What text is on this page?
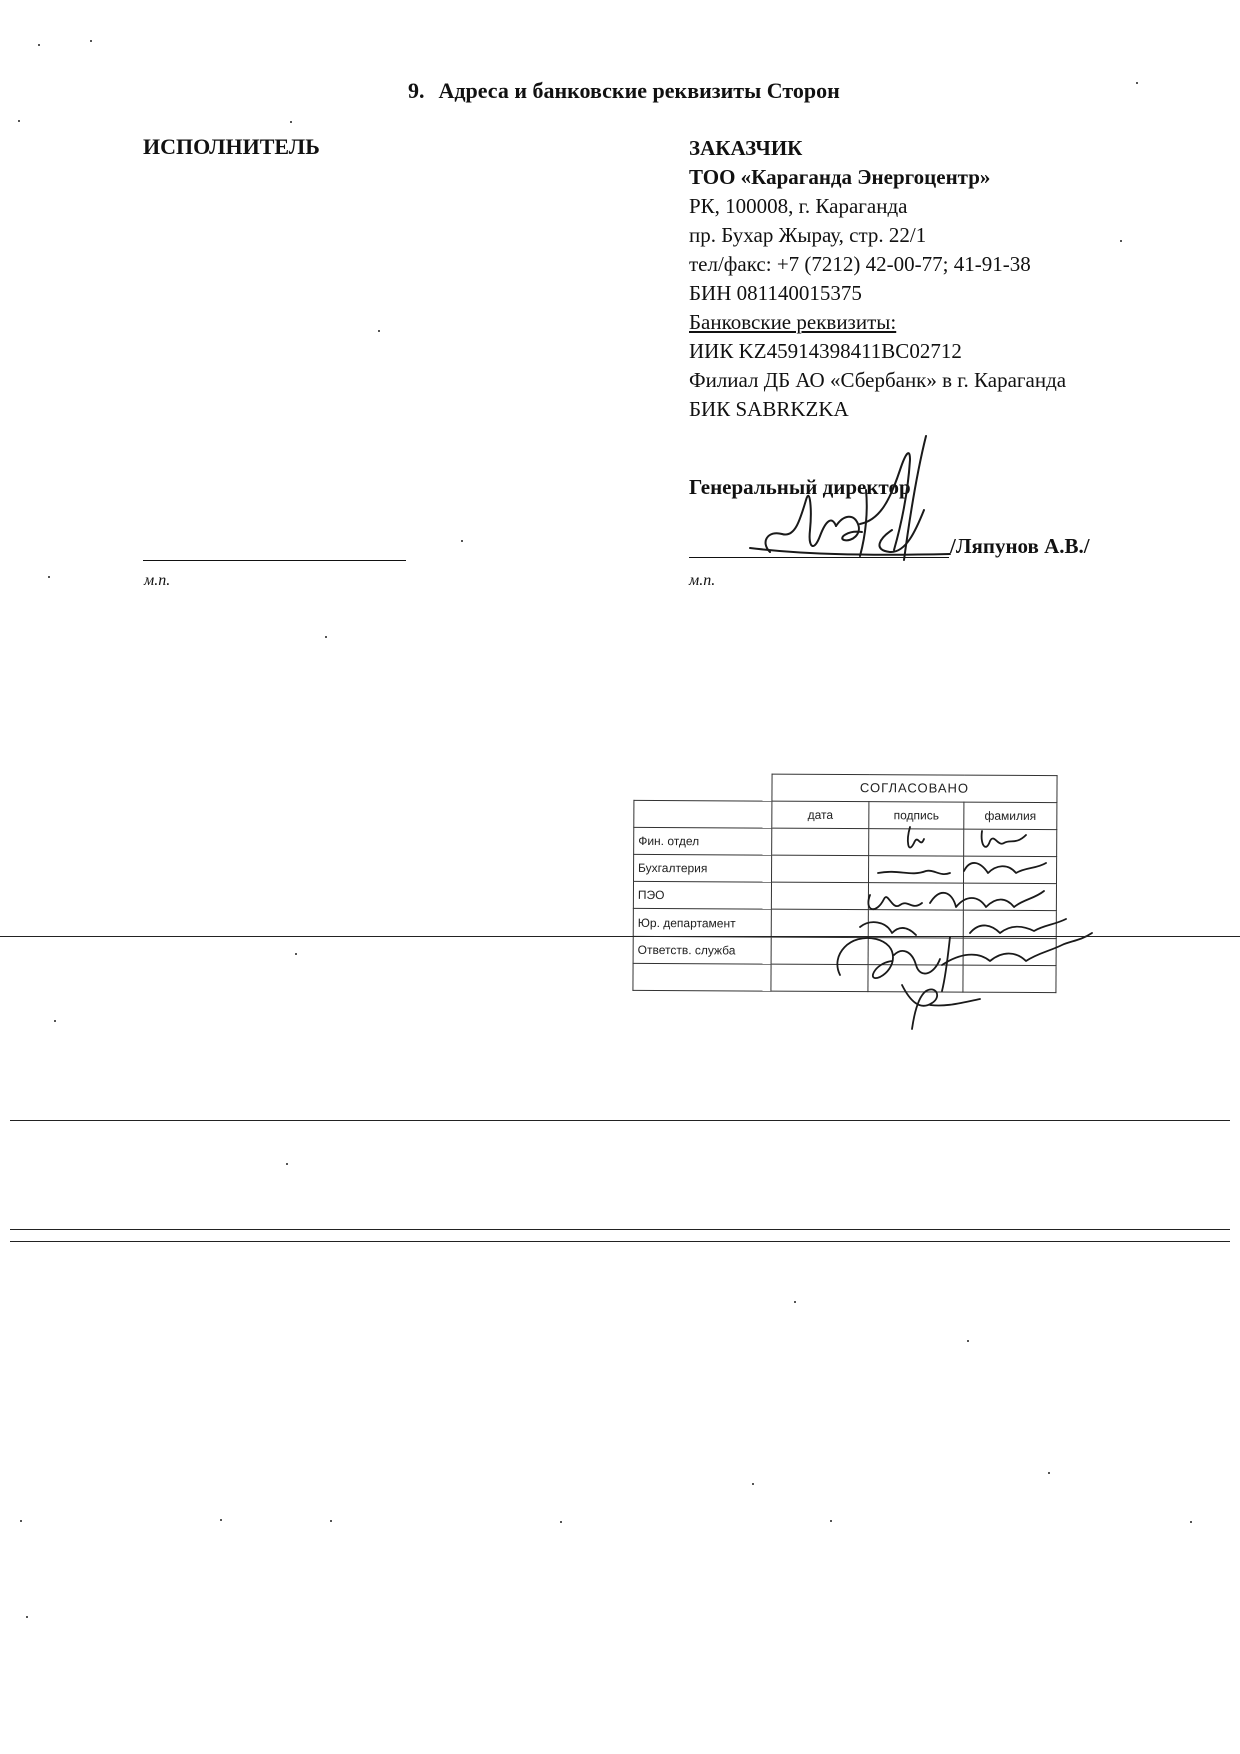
9. Адреса и банковские реквизиты Сторон
ИСПОЛНИТЕЛЬ
м.п.
ЗАКАЗЧИК
ТОО «Караганда Энергоцентр»
РК, 100008, г. Караганда
пр. Бухар Жырау, стр. 22/1
тел/факс: +7 (7212) 42-00-77; 41-91-38
БИН 081140015375
Банковские реквизиты:
ИИК KZ45914398411BC02712
Филиал ДБ АО «Сбербанк» в г. Караганда
БИК SABRKZKA
Генеральный директор
/Ляпунов А.В./
м.п.
	СОГЛАСОВАНО		
	дата	подпись	фамилия
Фин. отдел			
Бухгалтерия			
ПЭО			
Юр. департамент			
Ответств. служба			
